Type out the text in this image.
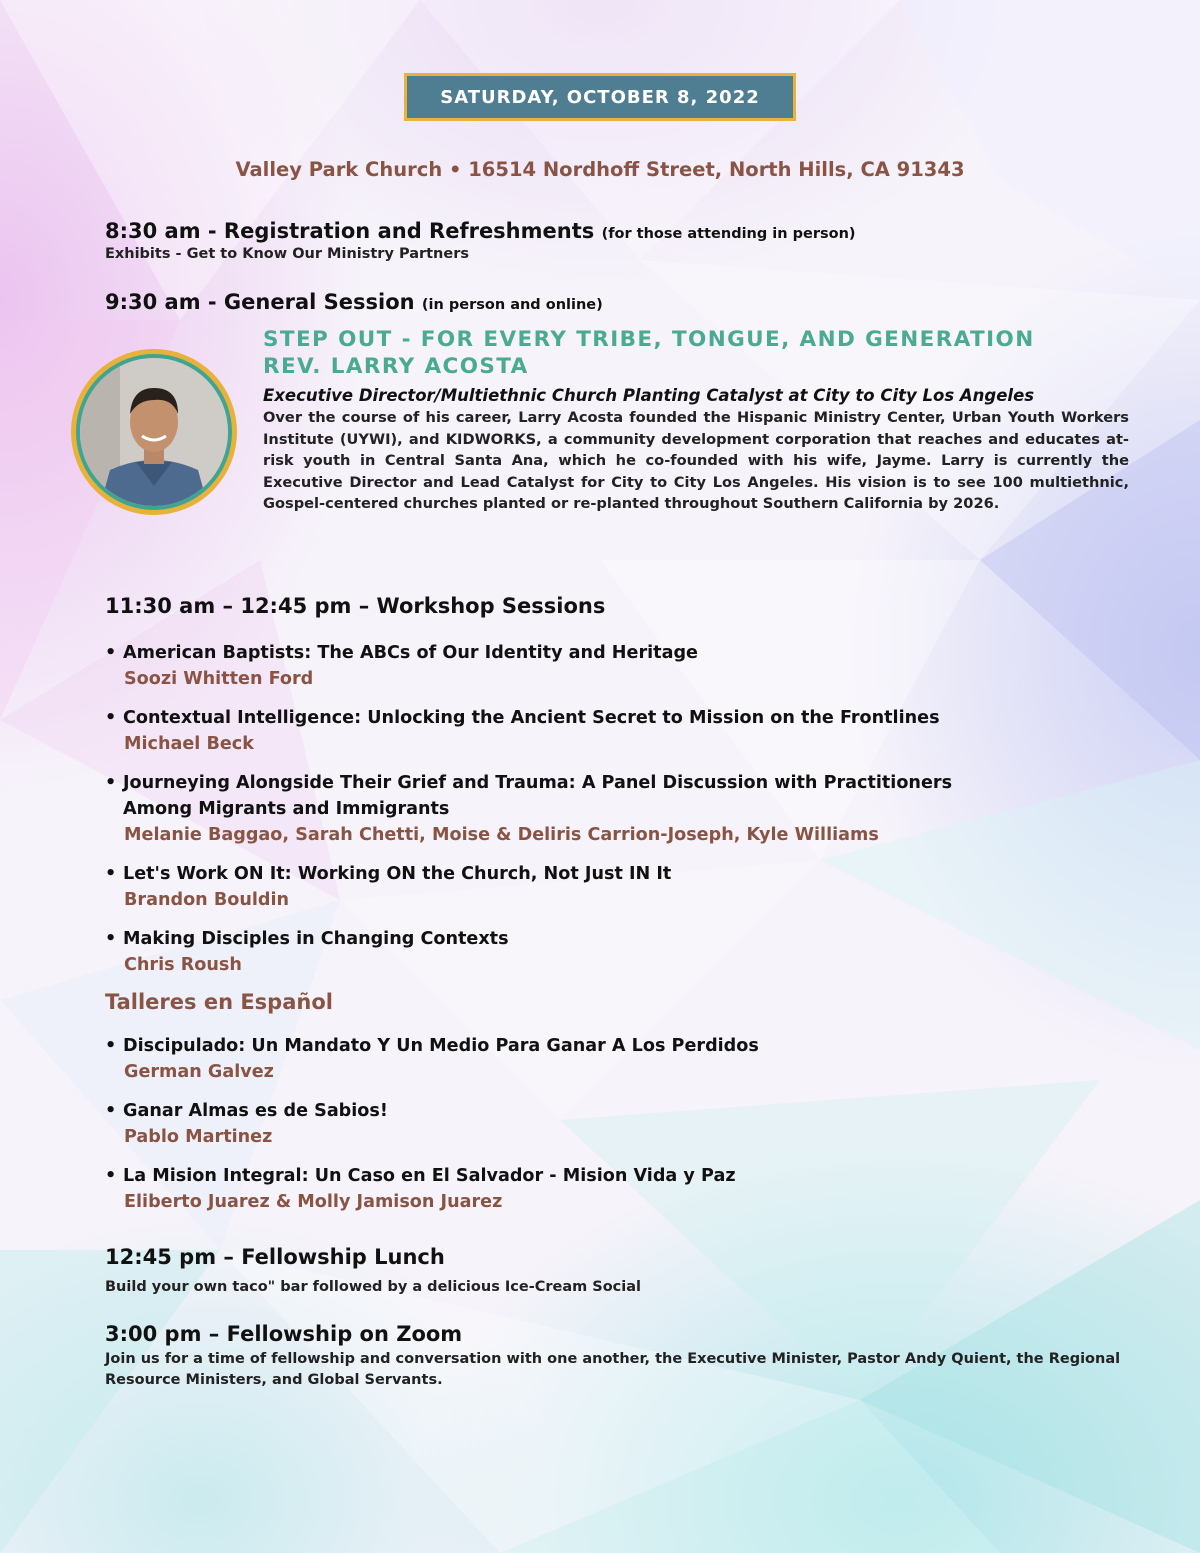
SATURDAY, OCTOBER 8, 2022
Valley Park Church • 16514 Nordhoff Street, North Hills, CA 91343
8:30 am - Registration and Refreshments (for those attending in person)
Exhibits - Get to Know Our Ministry Partners
9:30 am - General Session (in person and online)
STEP OUT - FOR EVERY TRIBE, TONGUE, AND GENERATION
REV. LARRY ACOSTA
Executive Director/Multiethnic Church Planting Catalyst at City to City Los Angeles
Over the course of his career, Larry Acosta founded the Hispanic Ministry Center, Urban Youth Workers Institute (UYWI), and KIDWORKS, a community development corporation that reaches and educates at-risk youth in Central Santa Ana, which he co-founded with his wife, Jayme. Larry is currently the Executive Director and Lead Catalyst for City to City Los Angeles. His vision is to see 100 multiethnic, Gospel-centered churches planted or re-planted throughout Southern California by 2026.
11:30 am – 12:45 pm – Workshop Sessions
• American Baptists: The ABCs of Our Identity and Heritage
Soozi Whitten Ford
• Contextual Intelligence: Unlocking the Ancient Secret to Mission on the Frontlines
Michael Beck
• Journeying Alongside Their Grief and Trauma: A Panel Discussion with Practitioners
Among Migrants and Immigrants
Melanie Baggao, Sarah Chetti, Moise & Deliris Carrion-Joseph, Kyle Williams
• Let's Work ON It: Working ON the Church, Not Just IN It
Brandon Bouldin
• Making Disciples in Changing Contexts
Chris Roush
Talleres en Español
• Discipulado: Un Mandato Y Un Medio Para Ganar A Los Perdidos
German Galvez
• Ganar Almas es de Sabios!
Pablo Martinez
• La Mision Integral: Un Caso en El Salvador - Mision Vida y Paz
Eliberto Juarez & Molly Jamison Juarez
12:45 pm – Fellowship Lunch
Build your own taco" bar followed by a delicious Ice-Cream Social
3:00 pm – Fellowship on Zoom
Join us for a time of fellowship and conversation with one another, the Executive Minister, Pastor Andy Quient, the Regional Resource Ministers, and Global Servants.
